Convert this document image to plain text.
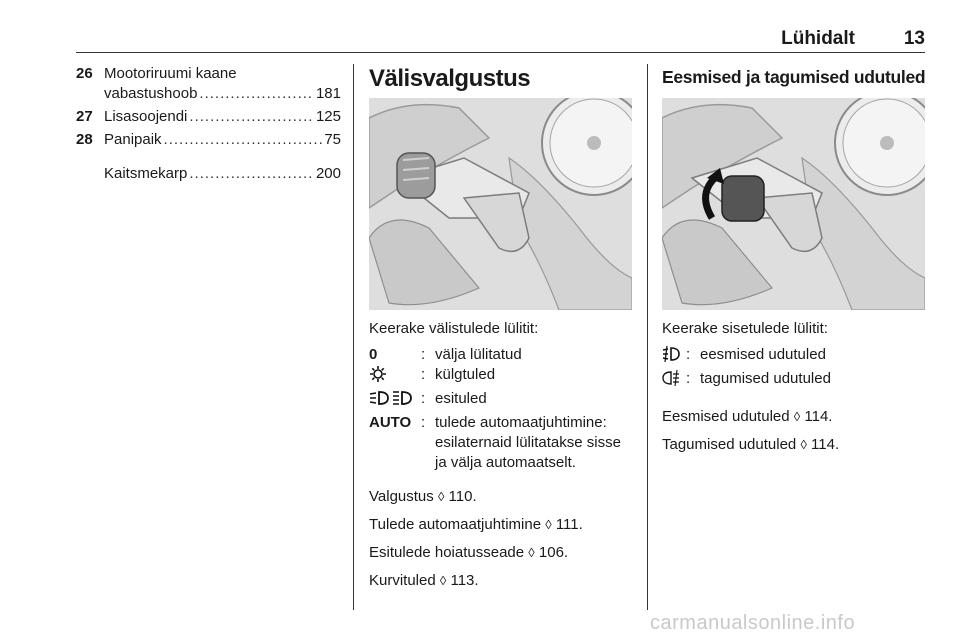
Lühidalt	13
26 Mootoriruumi kaane
vabastushoob .....	181
27 Lisasoojendi .....	125
28 Panipaik .....	75
Kaitsmekarp .....	200
Välisvalgustus
Keerake välistulede lülitit:
0	: välja lülitatud
: külgtuled
: esituled
AUTO : tulede automaatjuhtimine: esilaternaid lülitatakse sisse ja välja automaatselt.
Valgustus ◊ 110.
Tulede automaatjuhtimine ◊ 111.
Esitulede hoiatusseade ◊ 106.
Kurvituled ◊ 113.
Eesmised ja tagumised udutuled
Keerake sisetulede lülitit:
: eesmised udutuled
: tagumised udutuled
Eesmised udutuled ◊ 114.
Tagumised udutuled ◊ 114.
carmanualsonline.info
